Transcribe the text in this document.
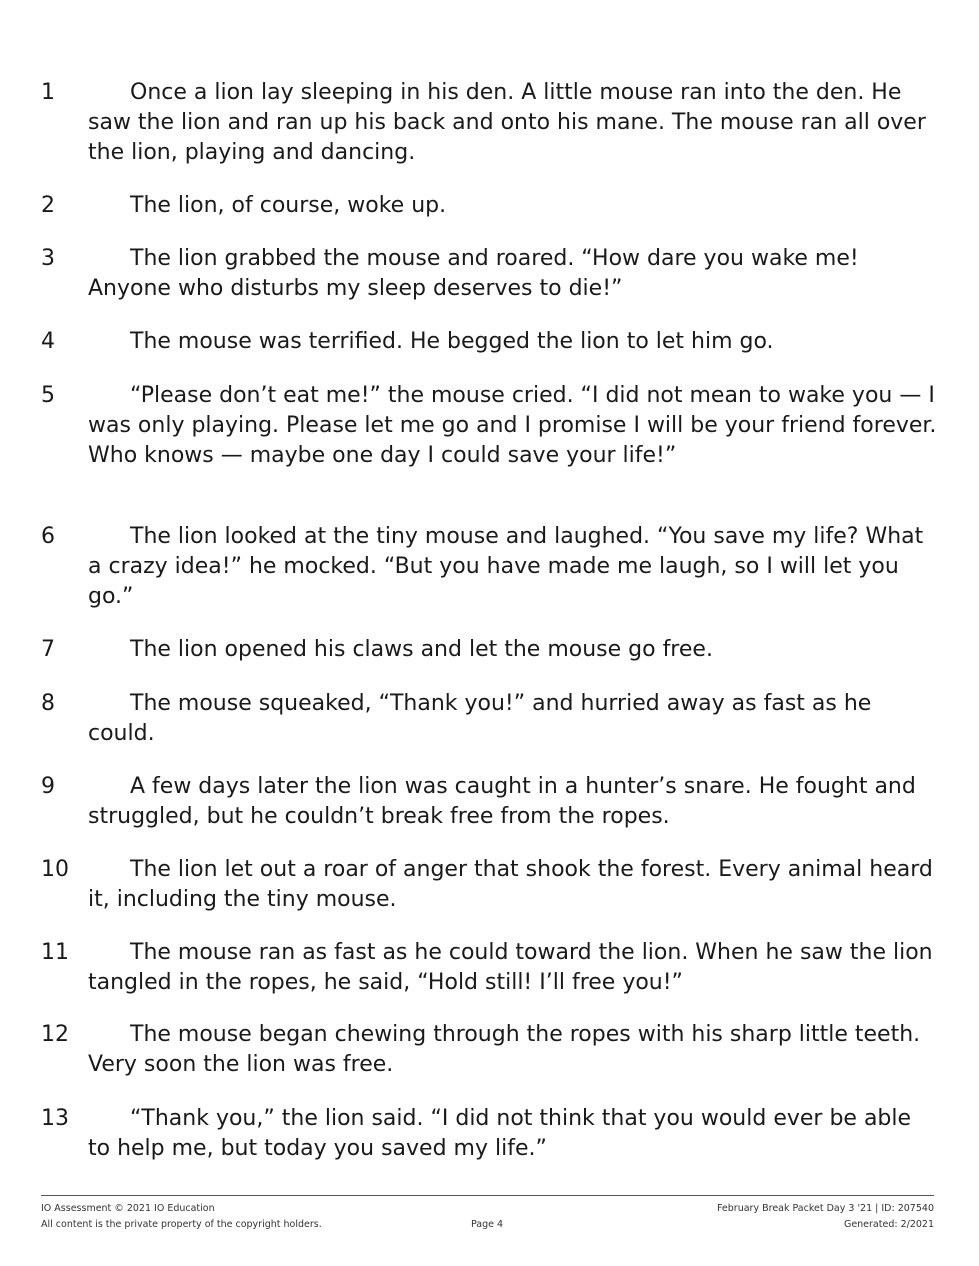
1	Once a lion lay sleeping in his den. A little mouse ran into the den. He saw the lion and ran up his back and onto his mane. The mouse ran all over the lion, playing and dancing.

2	The lion, of course, woke up.

3	The lion grabbed the mouse and roared. “How dare you wake me! Anyone who disturbs my sleep deserves to die!”

4	The mouse was terrified. He begged the lion to let him go.

5	“Please don’t eat me!” the mouse cried. “I did not mean to wake you — I was only playing. Please let me go and I promise I will be your friend forever. Who knows — maybe one day I could save your life!”

6	The lion looked at the tiny mouse and laughed. “You save my life? What a crazy idea!” he mocked. “But you have made me laugh, so I will let you go.”

7	The lion opened his claws and let the mouse go free.

8	The mouse squeaked, “Thank you!” and hurried away as fast as he could.

9	A few days later the lion was caught in a hunter’s snare. He fought and struggled, but he couldn’t break free from the ropes.

10	The lion let out a roar of anger that shook the forest. Every animal heard it, including the tiny mouse.

11	The mouse ran as fast as he could toward the lion. When he saw the lion tangled in the ropes, he said, “Hold still! I’ll free you!”

12	The mouse began chewing through the ropes with his sharp little teeth. Very soon the lion was free.

13	“Thank you,” the lion said. “I did not think that you would ever be able to help me, but today you saved my life.”

IO Assessment © 2021 IO Education
All content is the private property of the copyright holders.	Page 4
February Break Packet Day 3 '21 | ID: 207540
Generated: 2/2021
